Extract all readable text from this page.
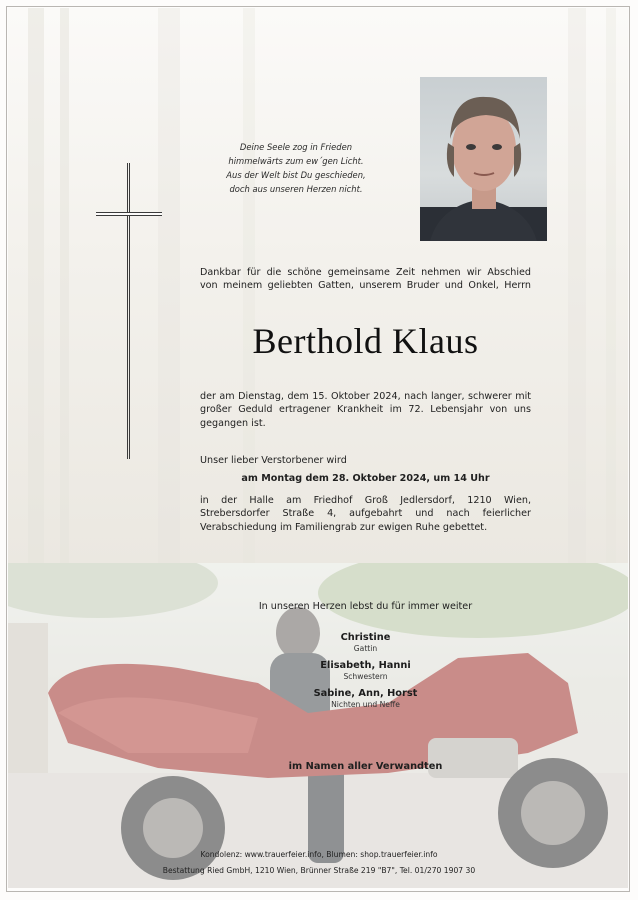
Deine Seele zog in Frieden
himmelwärts zum ew´gen Licht.
Aus der Welt bist Du geschieden,
doch aus unseren Herzen nicht.
Dankbar für die schöne gemeinsame Zeit nehmen wir Abschied
von meinem geliebten Gatten, unserem Bruder und Onkel, Herrn
Berthold Klaus
der am Dienstag, dem 15. Oktober 2024, nach langer, schwerer mit
großer Geduld ertragener Krankheit im 72. Lebensjahr von uns
gegangen ist.
Unser lieber Verstorbener wird
am Montag dem 28. Oktober 2024, um 14 Uhr
in der Halle am Friedhof Groß Jedlersdorf, 1210 Wien,
Strebersdorfer Straße 4, aufgebahrt und nach feierlicher
Verabschiedung im Familiengrab zur ewigen Ruhe gebettet.
In unseren Herzen lebst du für immer weiter
Christine
Gattin
Elisabeth, Hanni
Schwestern
Sabine, Ann, Horst
Nichten und Neffe
im Namen aller Verwandten
Kondolenz: www.trauerfeier.info, Blumen: shop.trauerfeier.info
Bestattung Ried GmbH, 1210 Wien, Brünner Straße 219 "B7", Tel. 01/270 1907 30
